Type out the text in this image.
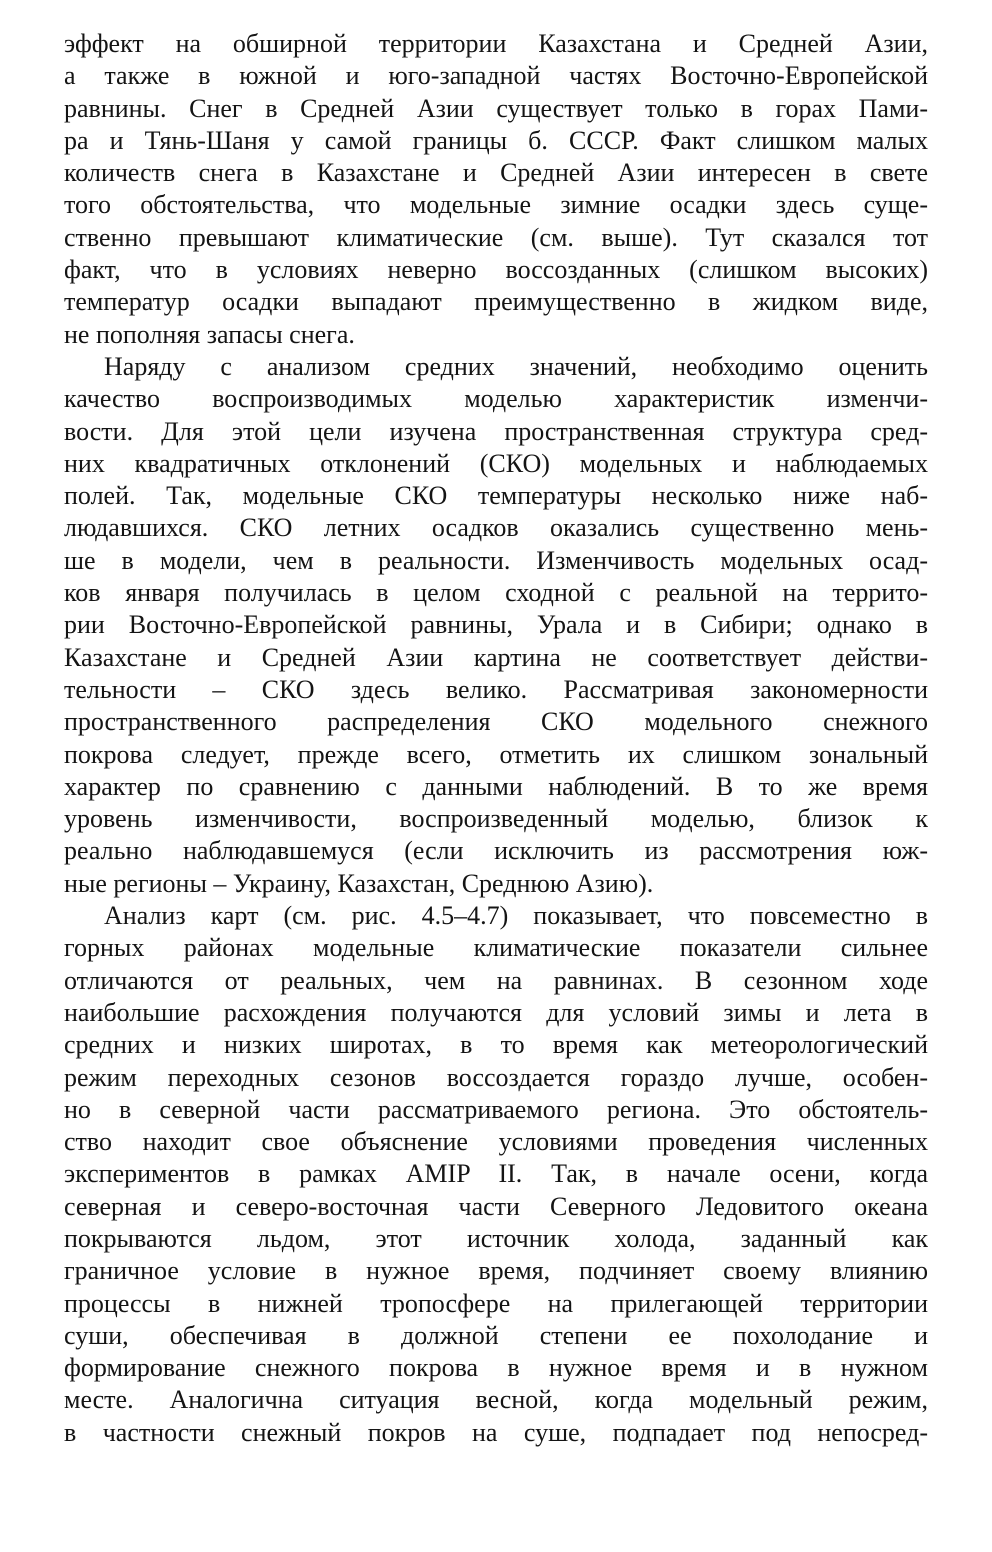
эффект на обширной территории Казахстана и Средней Азии,
а также в южной и юго-западной частях Восточно-Европейской
равнины. Снег в Средней Азии существует только в горах Пами-
ра и Тянь-Шаня у самой границы б. СССР. Факт слишком малых
количеств снега в Казахстане и Средней Азии интересен в свете
того обстоятельства, что модельные зимние осадки здесь суще-
ственно превышают климатические (см. выше). Тут сказался тот
факт, что в условиях неверно воссозданных (слишком высоких)
температур осадки выпадают преимущественно в жидком виде,
не пополняя запасы снега.
Наряду с анализом средних значений, необходимо оценить
качество воспроизводимых моделью характеристик изменчи-
вости. Для этой цели изучена пространственная структура сред-
них квадратичных отклонений (СКО) модельных и наблюдаемых
полей. Так, модельные СКО температуры несколько ниже наб-
людавшихся. СКО летних осадков оказались существенно мень-
ше в модели, чем в реальности. Изменчивость модельных осад-
ков января получилась в целом сходной с реальной на террито-
рии Восточно-Европейской равнины, Урала и в Сибири; однако в
Казахстане и Средней Азии картина не соответствует действи-
тельности – СКО здесь велико. Рассматривая закономерности
пространственного распределения СКО модельного снежного
покрова следует, прежде всего, отметить их слишком зональный
характер по сравнению с данными наблюдений. В то же время
уровень изменчивости, воспроизведенный моделью, близок к
реально наблюдавшемуся (если исключить из рассмотрения юж-
ные регионы – Украину, Казахстан, Среднюю Азию).
Анализ карт (см. рис. 4.5–4.7) показывает, что повсеместно в
горных районах модельные климатические показатели сильнее
отличаются от реальных, чем на равнинах. В сезонном ходе
наибольшие расхождения получаются для условий зимы и лета в
средних и низких широтах, в то время как метеорологический
режим переходных сезонов воссоздается гораздо лучше, особен-
но в северной части рассматриваемого региона. Это обстоятель-
ство находит свое объяснение условиями проведения численных
экспериментов в рамках AMIP II. Так, в начале осени, когда
северная и северо-восточная части Северного Ледовитого океана
покрываются льдом, этот источник холода, заданный как
граничное условие в нужное время, подчиняет своему влиянию
процессы в нижней тропосфере на прилегающей территории
суши, обеспечивая в должной степени ее похолодание и
формирование снежного покрова в нужное время и в нужном
месте. Аналогична ситуация весной, когда модельный режим,
в частности снежный покров на суше, подпадает под непосред-
